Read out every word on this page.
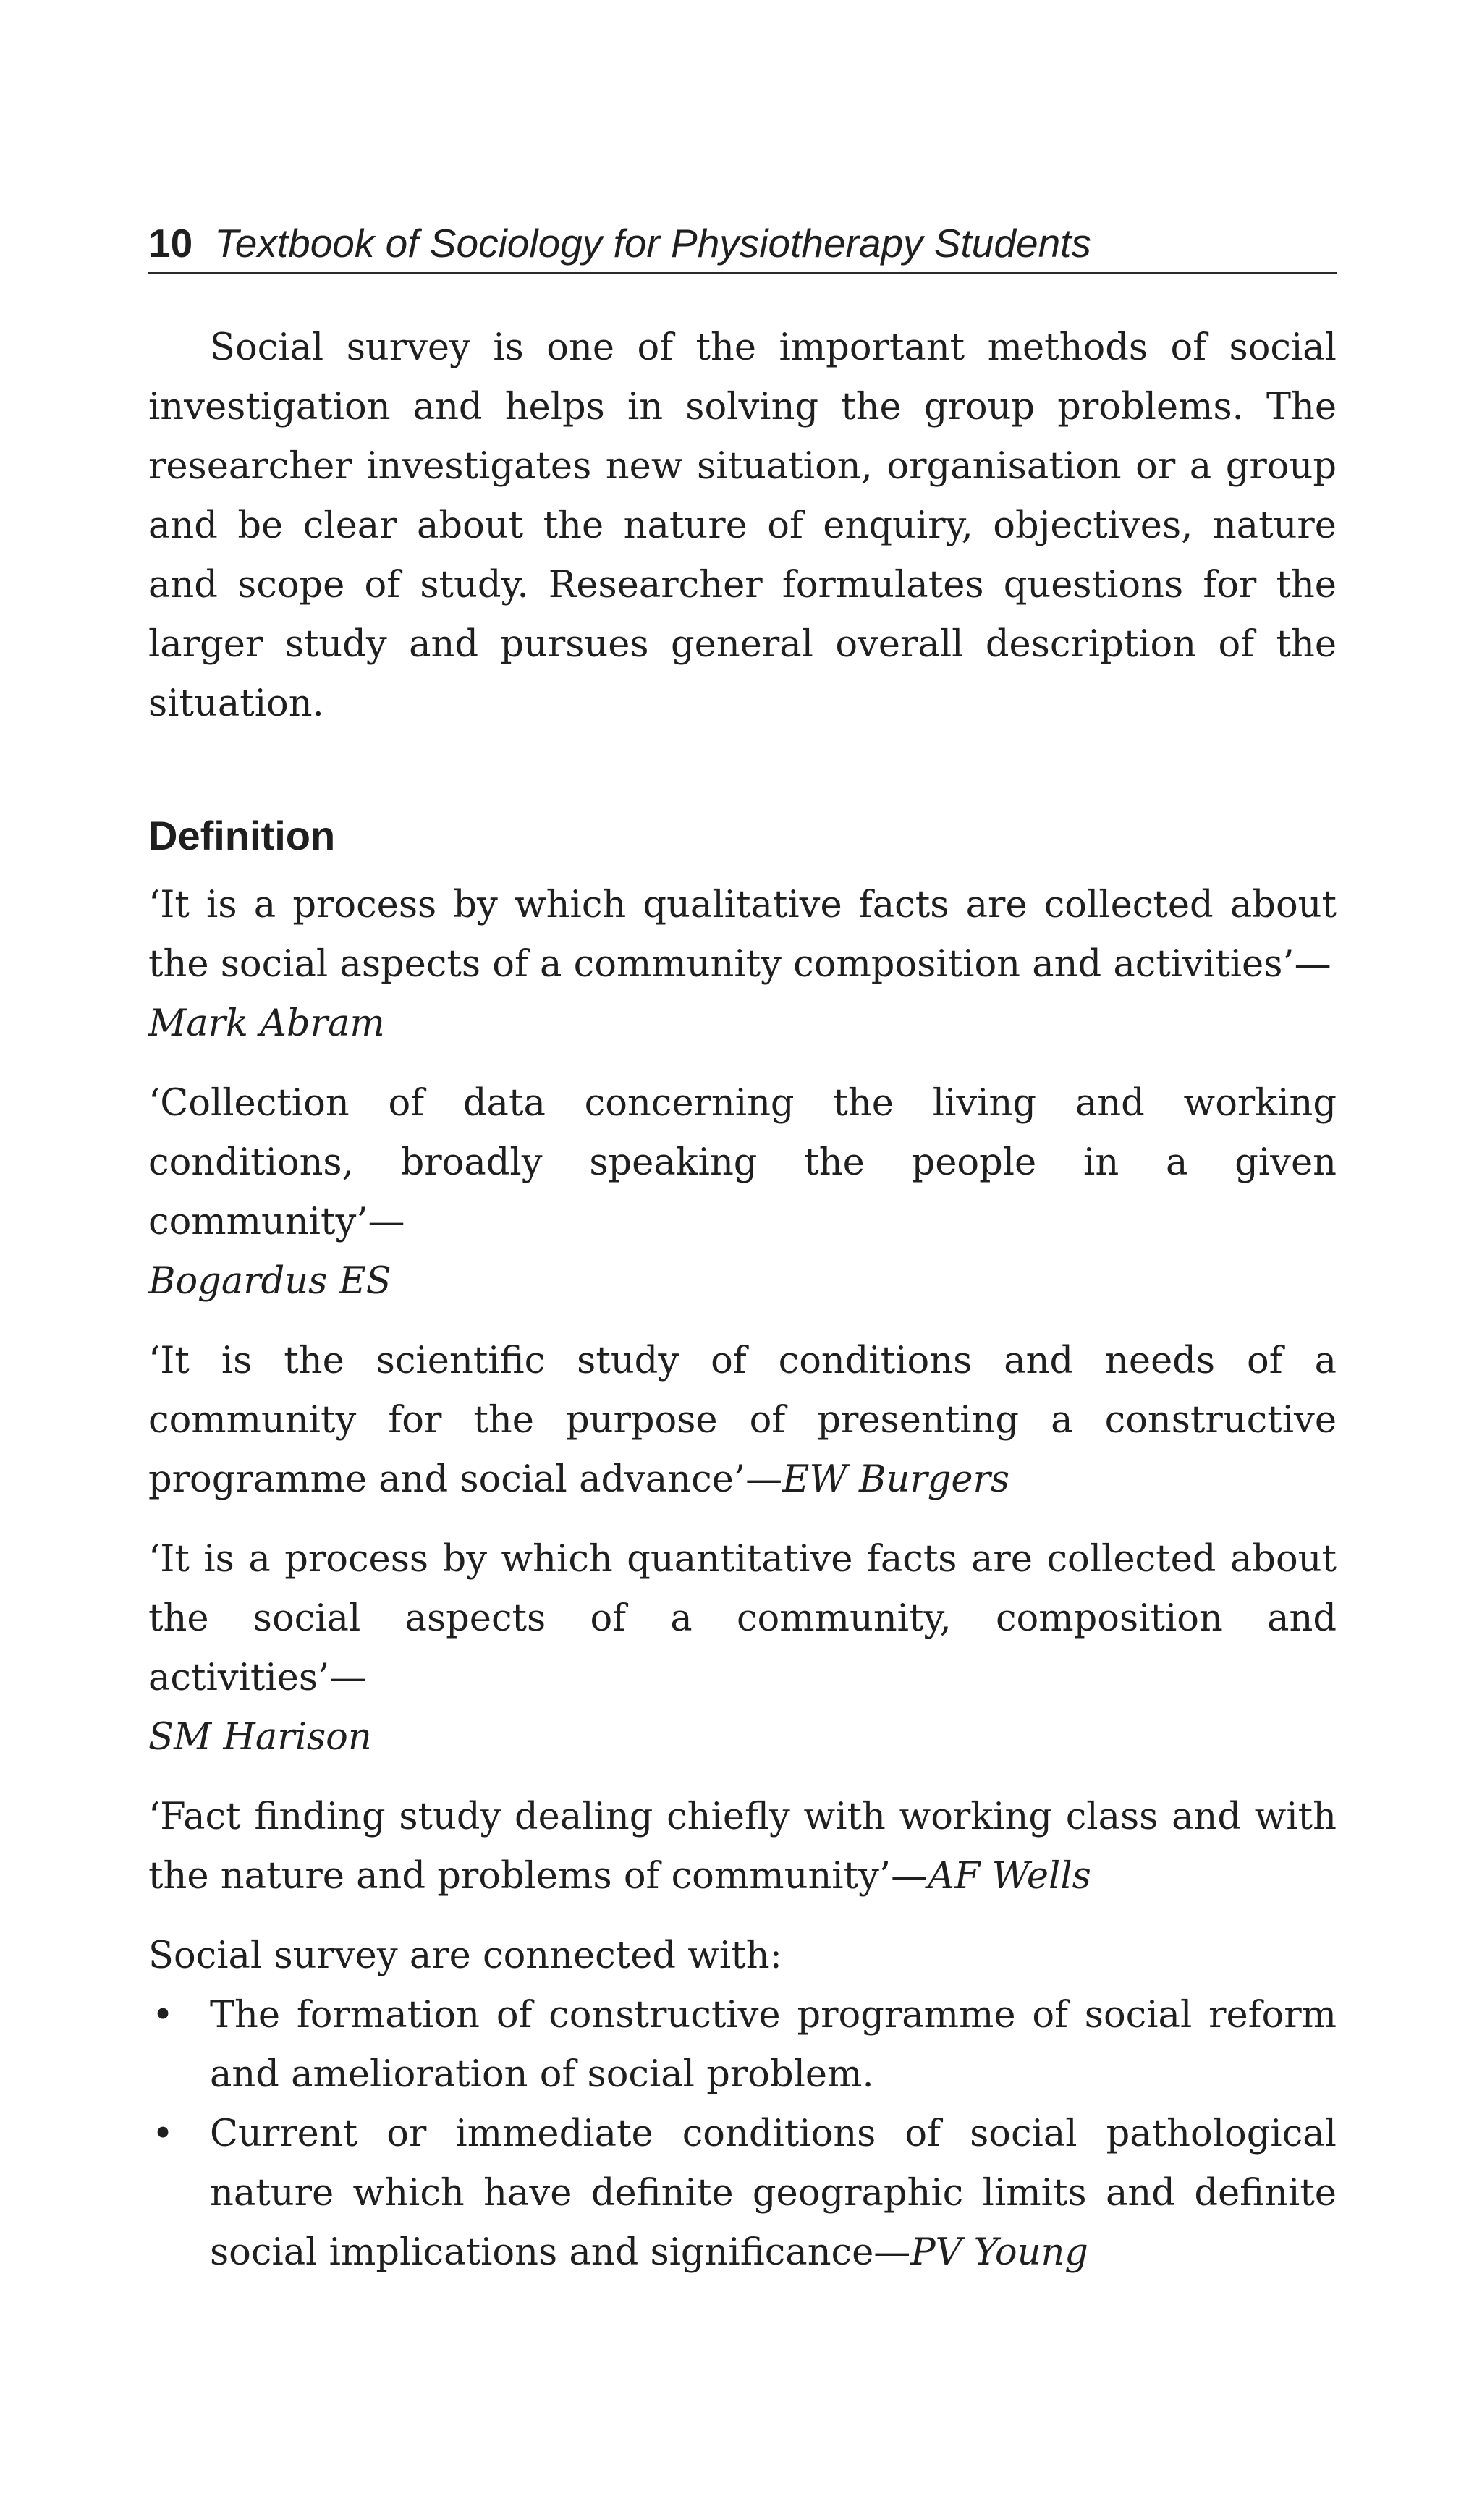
10 Textbook of Sociology for Physiotherapy Students

Social survey is one of the important methods of social investigation and helps in solving the group problems. The researcher investigates new situation, organisation or a group and be clear about the nature of enquiry, objectives, nature and scope of study. Researcher formulates questions for the larger study and pursues general overall description of the situation.

Definition

‘It is a process by which qualitative facts are collected about the social aspects of a community composition and activities’—
Mark Abram

‘Collection of data concerning the living and working conditions, broadly speaking the people in a given community’—
Bogardus ES

‘It is the scientific study of conditions and needs of a community for the purpose of presenting a constructive programme and social advance’—EW Burgers

‘It is a process by which quantitative facts are collected about the social aspects of a community, composition and activities’—
SM Harison

‘Fact finding study dealing chiefly with working class and with the nature and problems of community’—AF Wells

Social survey are connected with:

• The formation of constructive programme of social reform and amelioration of social problem.
• Current or immediate conditions of social pathological nature which have definite geographic limits and definite social implications and significance—PV Young
